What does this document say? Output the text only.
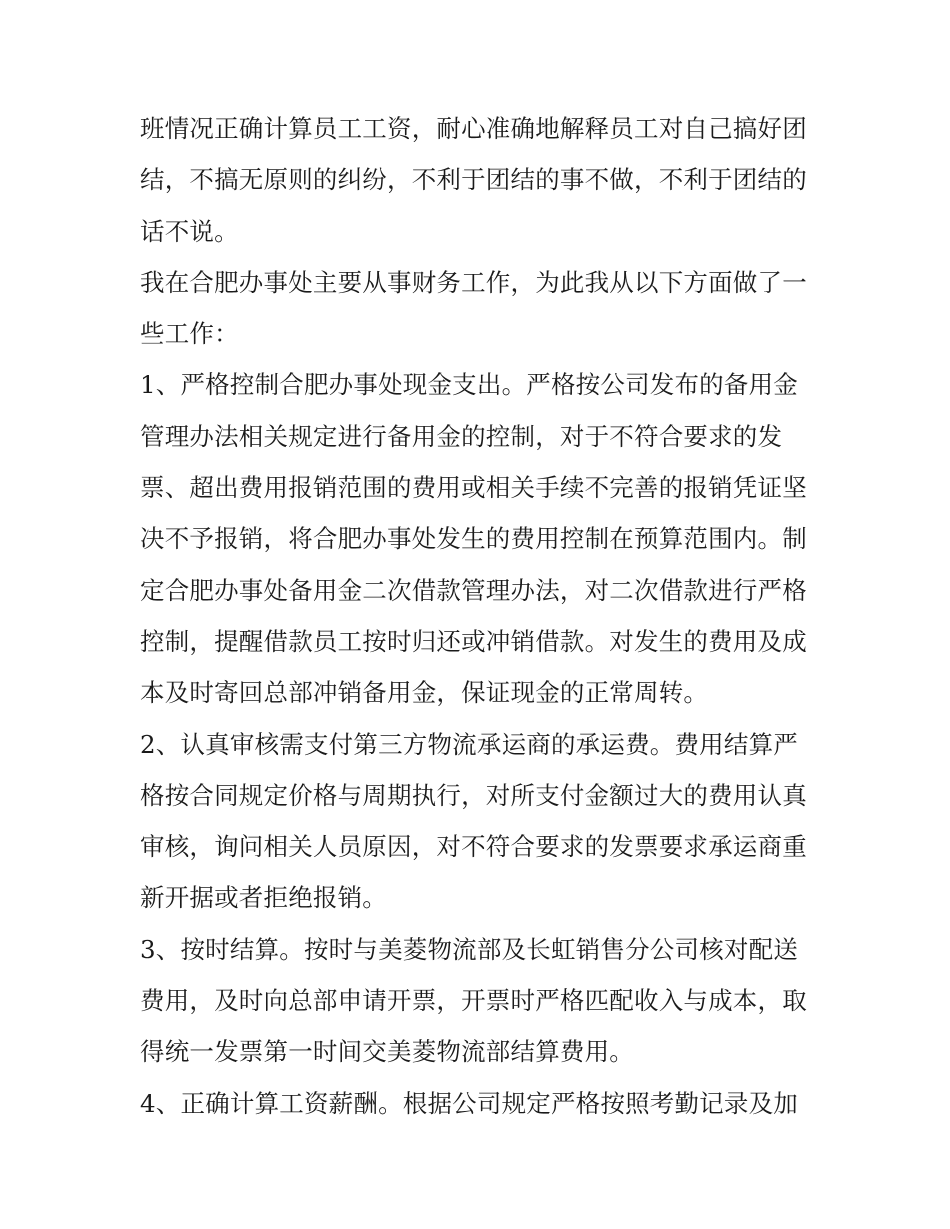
班情况正确计算员工工资，耐心准确地解释员工对自己搞好团
结，不搞无原则的纠纷，不利于团结的事不做，不利于团结的
话不说。
我在合肥办事处主要从事财务工作，为此我从以下方面做了一
些工作：
1、严格控制合肥办事处现金支出。严格按公司发布的备用金
管理办法相关规定进行备用金的控制，对于不符合要求的发
票、超出费用报销范围的费用或相关手续不完善的报销凭证坚
决不予报销，将合肥办事处发生的费用控制在预算范围内。制
定合肥办事处备用金二次借款管理办法，对二次借款进行严格
控制，提醒借款员工按时归还或冲销借款。对发生的费用及成
本及时寄回总部冲销备用金，保证现金的正常周转。
2、认真审核需支付第三方物流承运商的承运费。费用结算严
格按合同规定价格与周期执行，对所支付金额过大的费用认真
审核，询问相关人员原因，对不符合要求的发票要求承运商重
新开据或者拒绝报销。
3、按时结算。按时与美菱物流部及长虹销售分公司核对配送
费用，及时向总部申请开票，开票时严格匹配收入与成本，取
得统一发票第一时间交美菱物流部结算费用。
4、正确计算工资薪酬。根据公司规定严格按照考勤记录及加
